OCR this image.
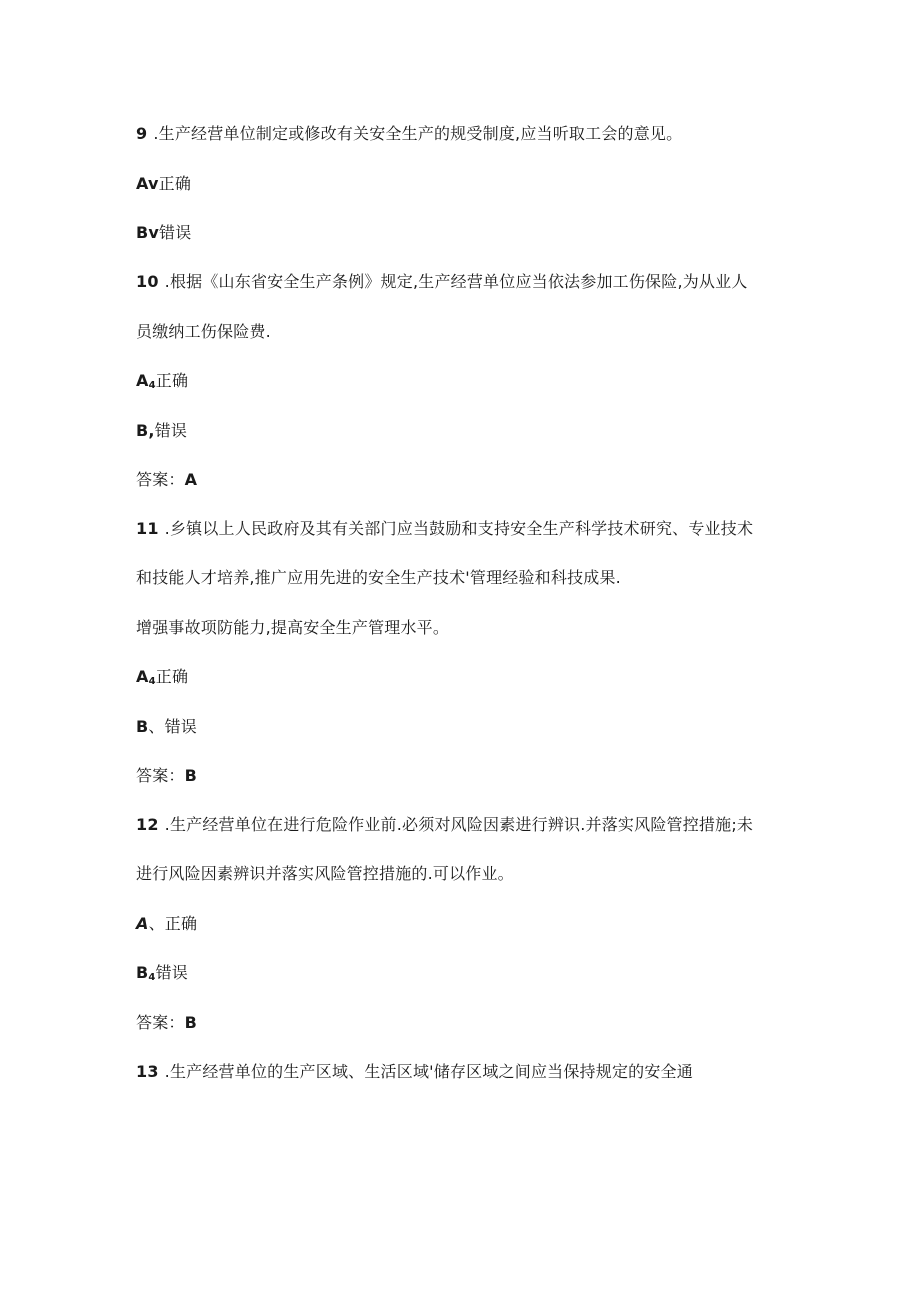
9 .生产经营单位制定或修改有关安全生产的规受制度,应当听取工会的意见。
Av正确
Bv错误
10 .根据《山东省安全生产条例》规定,生产经营单位应当依法参加工伤保险,为从业人
员缴纳工伤保险费.
$A_4$正确
B,错误
答案：A
11 .乡镇以上人民政府及其有关部门应当鼓励和支持安全生产科学技术研究、专业技术
和技能人才培养,推广应用先进的安全生产技术'管理经验和科技成果.
增强事故项防能力,提高安全生产管理水平。
$A_4$正确
B、错误
答案：B
12 .生产经营单位在进行危险作业前.必须对风险因素进行辨识.并落实风险管控措施;未
进行风险因素辨识并落实风险管控措施的.可以作业。
A、正确
$B_4$错误
答案：B
13 .生产经营单位的生产区域、生活区域'储存区域之间应当保持规定的安全通
